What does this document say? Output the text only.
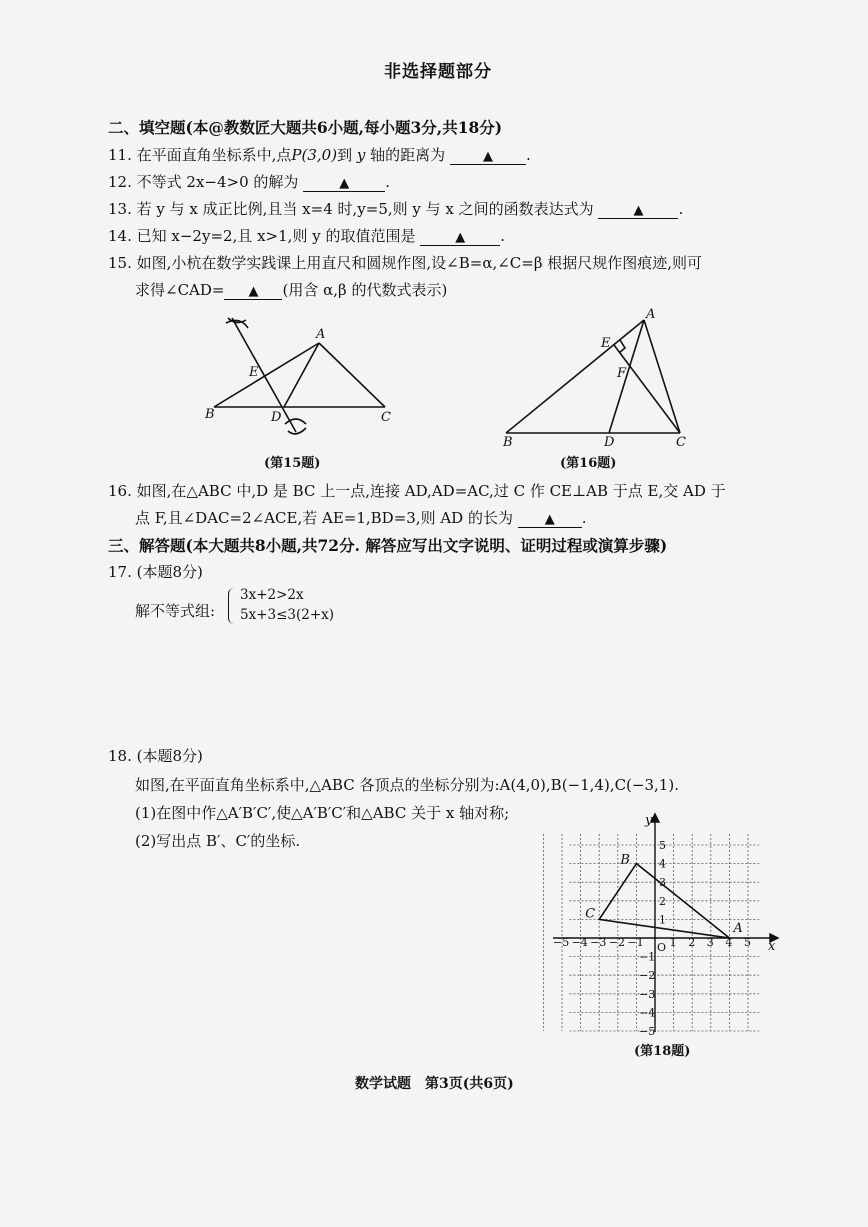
非选择题部分
二、填空题(本@教数匠大题共6小题,每小题3分,共18分)
11. 在平面直角坐标系中,点P(3,0)到 y 轴的距离为	▲ .
12. 不等式 2x−4>0 的解为	▲ .
13. 若 y 与 x 成正比例,且当 x=4 时,y=5,则 y 与 x 之间的函数表达式为	▲ .
14. 已知 x−2y=2,且 x>1,则 y 的取值范围是	▲ .
15. 如图,小杭在数学实践课上用直尺和圆规作图,设∠B=α,∠C=β 根据尺规作图痕迹,则可
求得∠CAD= ▲ (用含 α,β 的代数式表示)
A
B	C
D
E
(第15题)
A
B	C
D
E
F
(第16题)
16. 如图,在△ABC 中,D 是 BC 上一点,连接 AD,AD=AC,过 C 作 CE⊥AB 于点 E,交 AD 于
点 F,且∠DAC=2∠ACE,若 AE=1,BD=3,则 AD 的长为 ▲ .
三、解答题(本大题共8小题,共72分. 解答应写出文字说明、证明过程或演算步骤)
17. (本题8分)
解不等式组:
3x+2>2x
5x+3≤3(2+x)
18. (本题8分)
如图,在平面直角坐标系中,△ABC 各顶点的坐标分别为:A(4,0),B(−1,4),C(−3,1).
(1)在图中作△A′B′C′,使△A′B′C′和△ABC 关于 x 轴对称;
(2)写出点 B′、C′的坐标.
−5 −4 −3 −2 −1 1 2 3 4 5
5
4
3
2
1
−1
−2
−3
−4
−5
x
y
O
A
B
C
(第18题)
数学试题　第3页(共6页)
